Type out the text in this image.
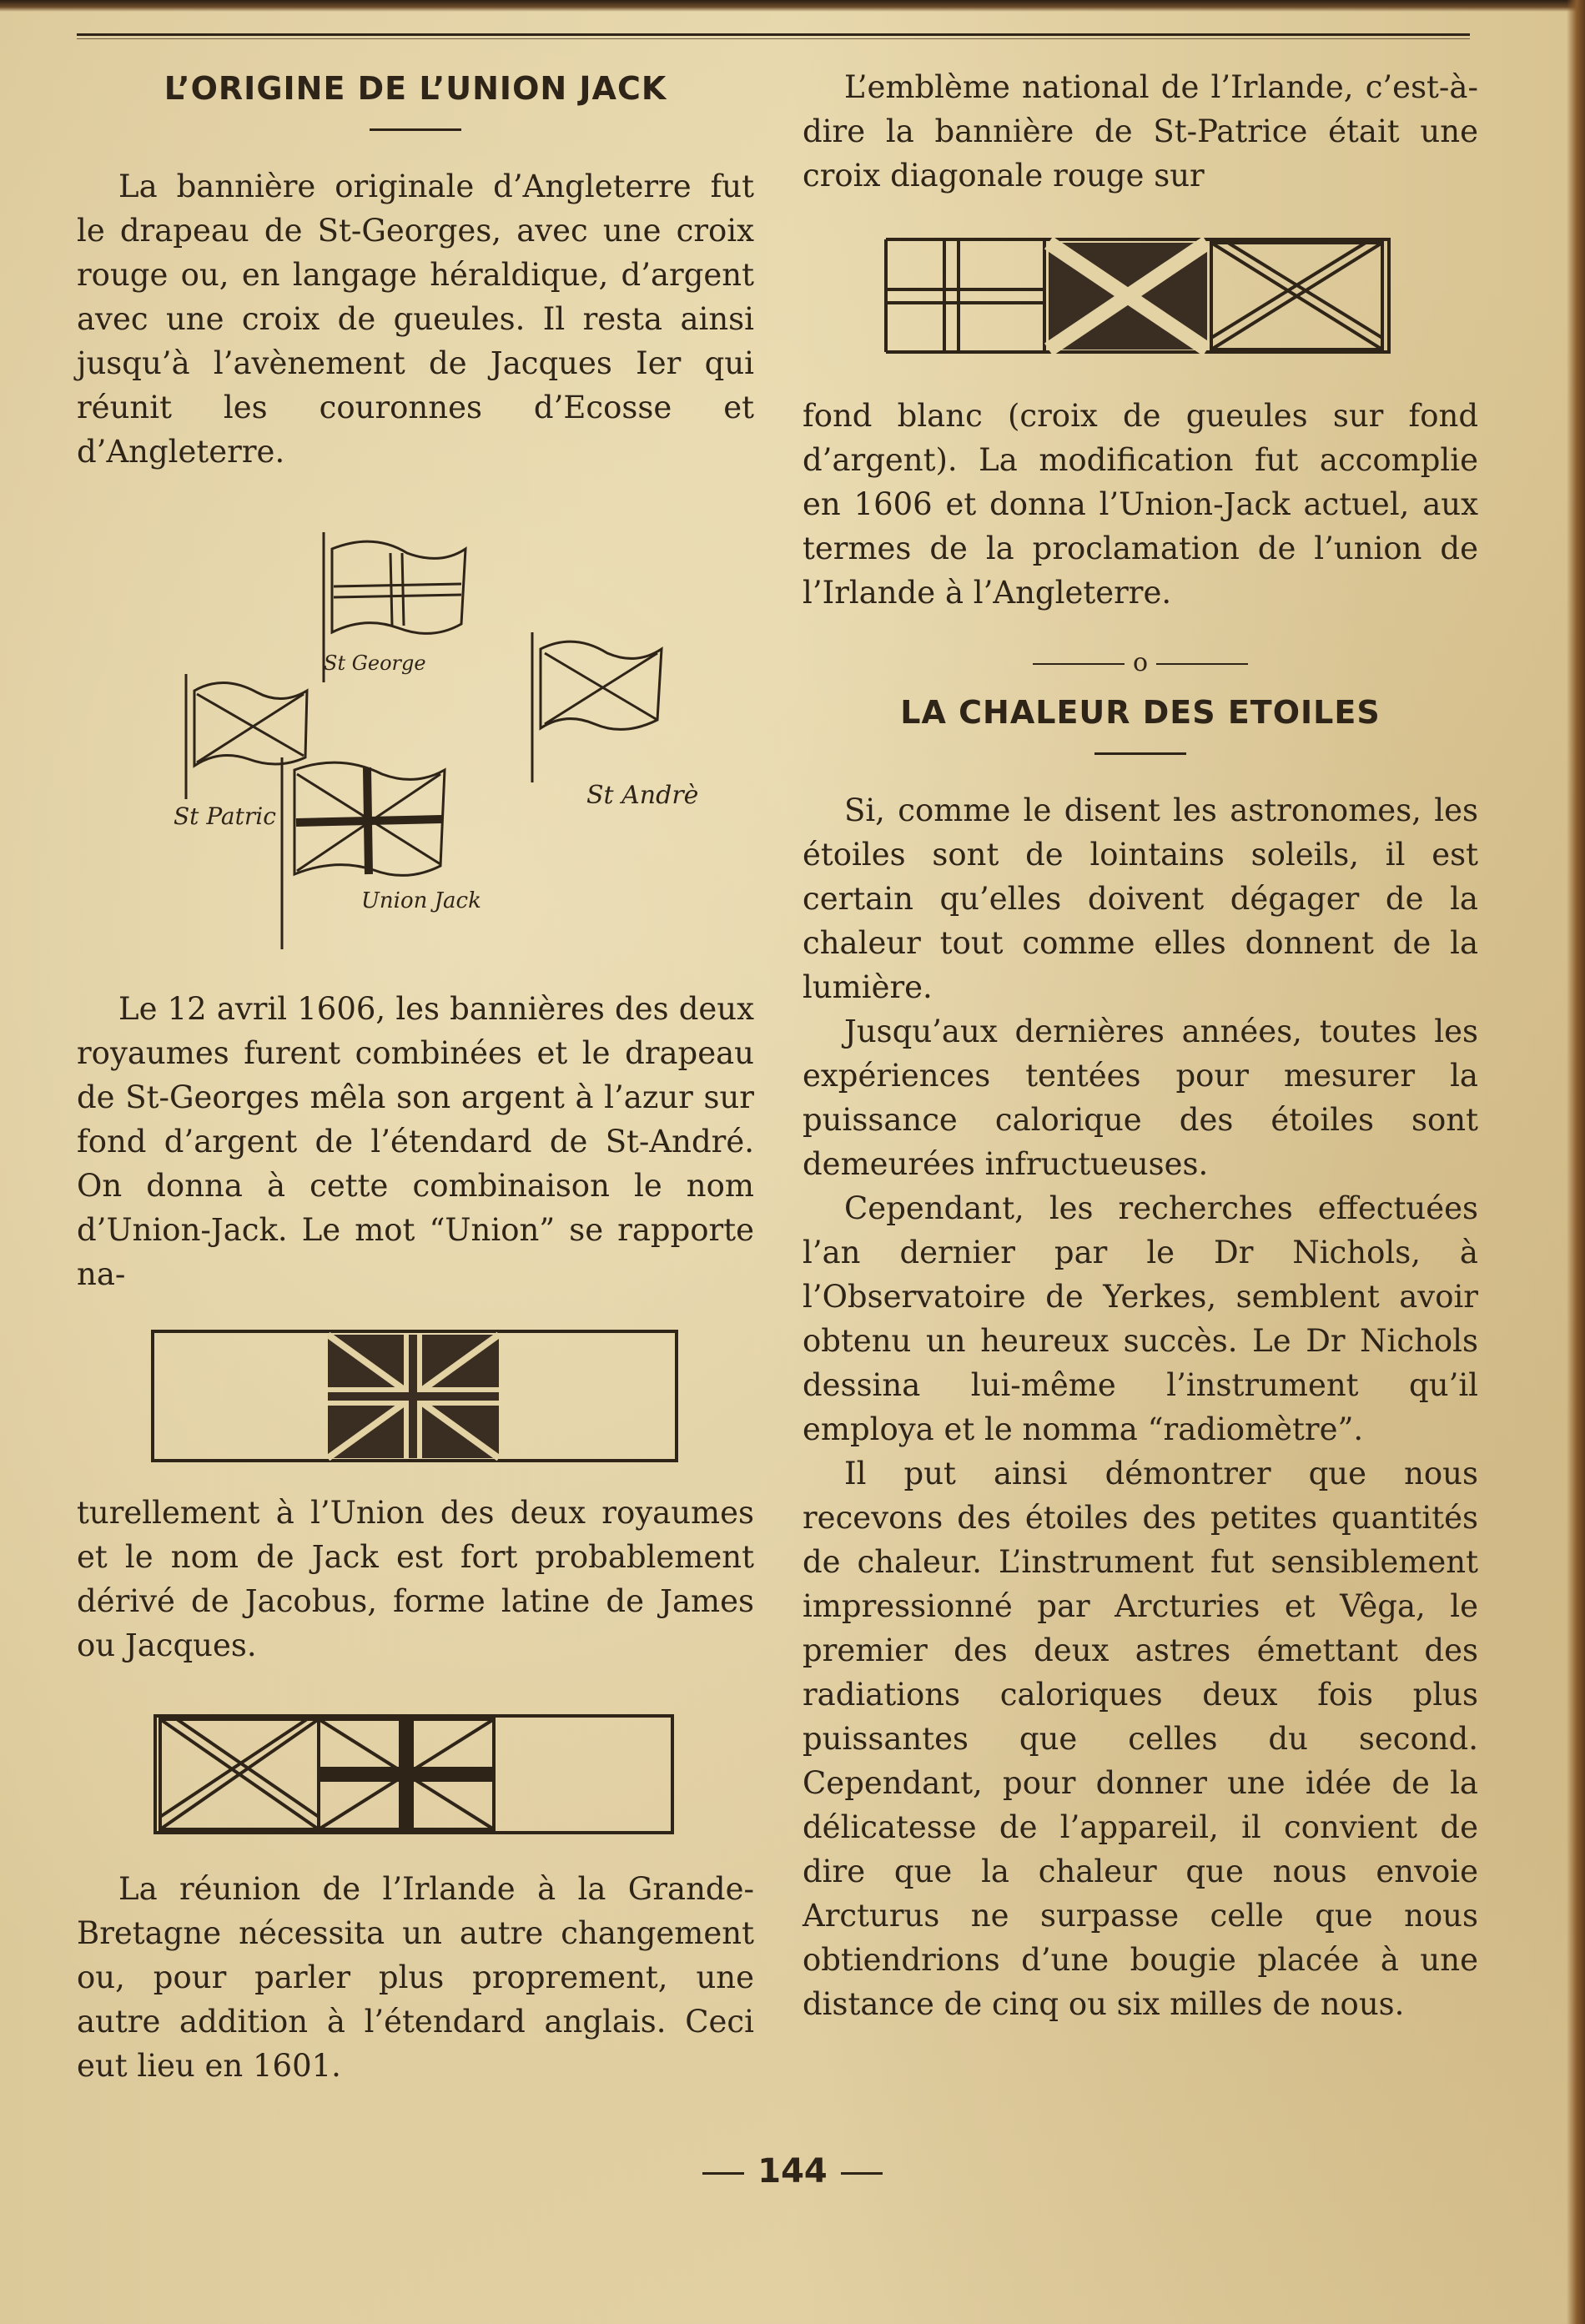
L’ORIGINE DE L’UNION JACK

La bannière originale d’Angleterre fut le drapeau de St-Georges, avec une croix rouge ou, en langage héraldique, d’argent avec une croix de gueules. Il resta ainsi jusqu’à l’avènement de Jacques Ier qui réunit les couronnes d’Ecosse et d’Angleterre.

St George
St Andrè
St Patric
Union Jack

Le 12 avril 1606, les bannières des deux royaumes furent combinées et le drapeau de St-Georges mêla son argent à l’azur sur fond d’argent de l’étendard de St-André. On donna à cette combinaison le nom d’Union-Jack. Le mot “Union” se rapporte na-

turellement à l’Union des deux royaumes et le nom de Jack est fort probablement dérivé de Jacobus, forme latine de James ou Jacques.

La réunion de l’Irlande à la Grande-Bretagne nécessita un autre changement ou, pour parler plus proprement, une autre addition à l’étendard anglais. Ceci eut lieu en 1601.

L’emblème national de l’Irlande, c’est-à-dire la bannière de St-Patrice était une croix diagonale rouge sur

fond blanc (croix de gueules sur fond d’argent). La modification fut accomplie en 1606 et donna l’Union-Jack actuel, aux termes de la proclamation de l’union de l’Irlande à l’Angleterre.

o
LA CHALEUR DES ETOILES

Si, comme le disent les astronomes, les étoiles sont de lointains soleils, il est certain qu’elles doivent dégager de la chaleur tout comme elles donnent de la lumière.

Jusqu’aux dernières années, toutes les expériences tentées pour mesurer la puissance calorique des étoiles sont demeurées infructueuses.

Cependant, les recherches effectuées l’an dernier par le Dr Nichols, à l’Observatoire de Yerkes, semblent avoir obtenu un heureux succès. Le Dr Nichols dessina lui-même l’instrument qu’il employa et le nomma “radiomètre”.

Il put ainsi démontrer que nous recevons des étoiles des petites quantités de chaleur. L’instrument fut sensiblement impressionné par Arcturies et Vêga, le premier des deux astres émettant des radiations caloriques deux fois plus puissantes que celles du second. Cependant, pour donner une idée de la délicatesse de l’appareil, il convient de dire que la chaleur que nous envoie Arcturus ne surpasse celle que nous obtiendrions d’une bougie placée à une distance de cinq ou six milles de nous.

144
